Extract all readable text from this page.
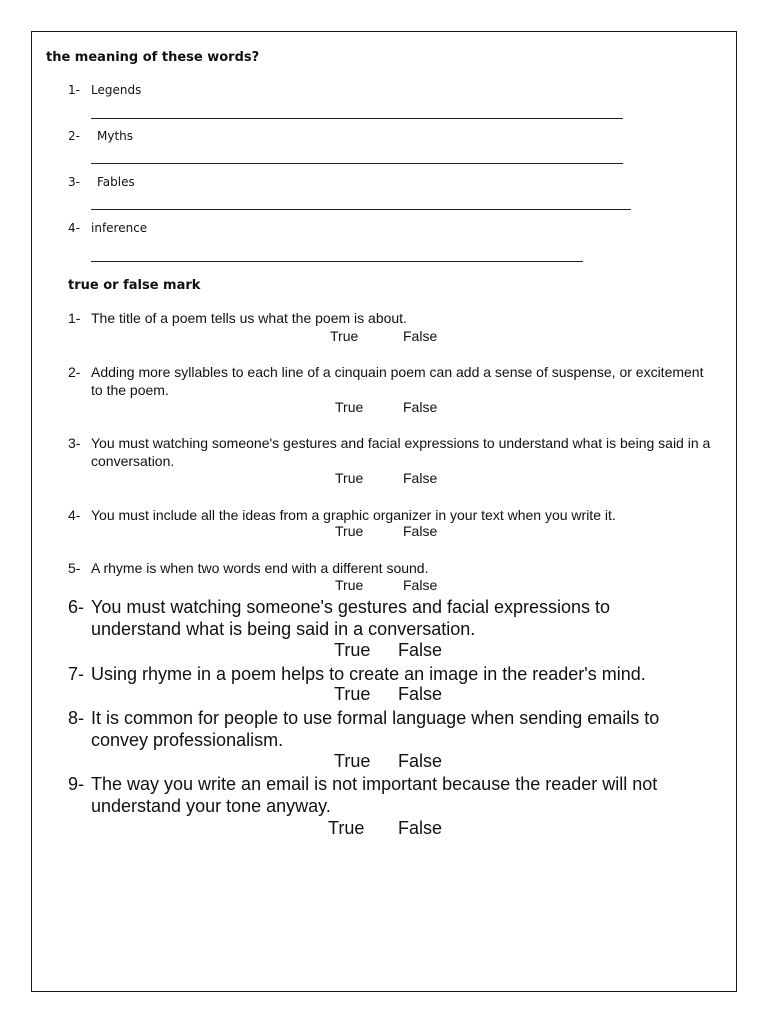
the meaning of these words?
1- Legends
2- Myths
3- Fables
4- inference
true or false mark
1- The title of a poem tells us what the poem is about.
True	False
2- Adding more syllables to each line of a cinquain poem can add a sense of suspense, or excitement to the poem.
True	False
3- You must watching someone's gestures and facial expressions to understand what is being said in a conversation.
True	False
4- You must include all the ideas from a graphic organizer in your text when you write it.
True	False
5- A rhyme is when two words end with a different sound.
True	False
6- You must watching someone's gestures and facial expressions to understand what is being said in a conversation.
True False
7- Using rhyme in a poem helps to create an image in the reader's mind.
True False
8- It is common for people to use formal language when sending emails to convey professionalism.
True False
9- The way you write an email is not important because the reader will not understand your tone anyway.
True False
